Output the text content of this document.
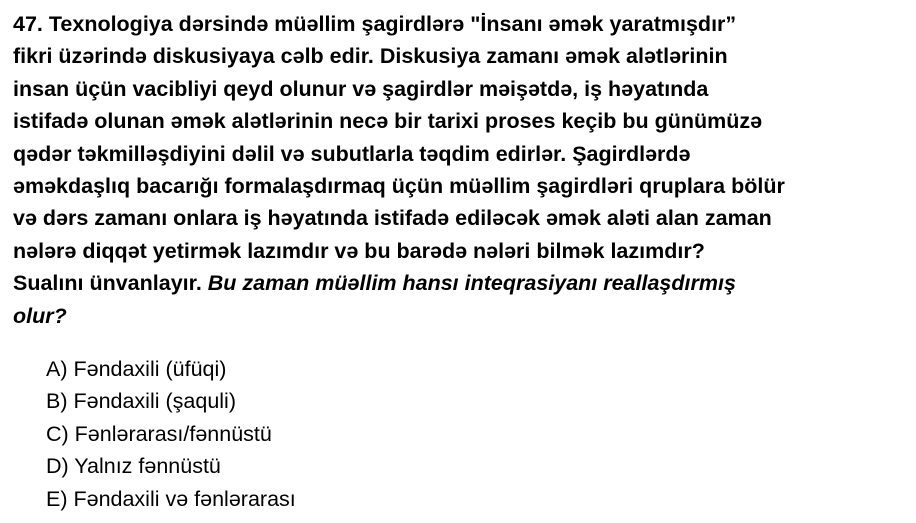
47. Texnologiya dərsində müəllim şagirdlərə "İnsanı əmək yaratmışdır”
fikri üzərində diskusiyaya cəlb edir. Diskusiya zamanı əmək alətlərinin
insan üçün vacibliyi qeyd olunur və şagirdlər məişətdə, iş həyatında
istifadə olunan əmək alətlərinin necə bir tarixi proses keçib bu günümüzə
qədər təkmilləşdiyini dəlil və subutlarla təqdim edirlər. Şagirdlərdə
əməkdaşlıq bacarığı formalaşdırmaq üçün müəllim şagirdləri qruplara bölür
və dərs zamanı onlara iş həyatında istifadə ediləcək əmək aləti alan zaman
nələrə diqqət yetirmək lazımdır və bu barədə nələri bilmək lazımdır?
Sualını ünvanlayır. Bu zaman müəllim hansı inteqrasiyanı reallaşdırmış
olur?
A) Fəndaxili (üfüqi)
B) Fəndaxili (şaquli)
C) Fənlərarası/fənnüstü
D) Yalnız fənnüstü
E) Fəndaxili və fənlərarası
